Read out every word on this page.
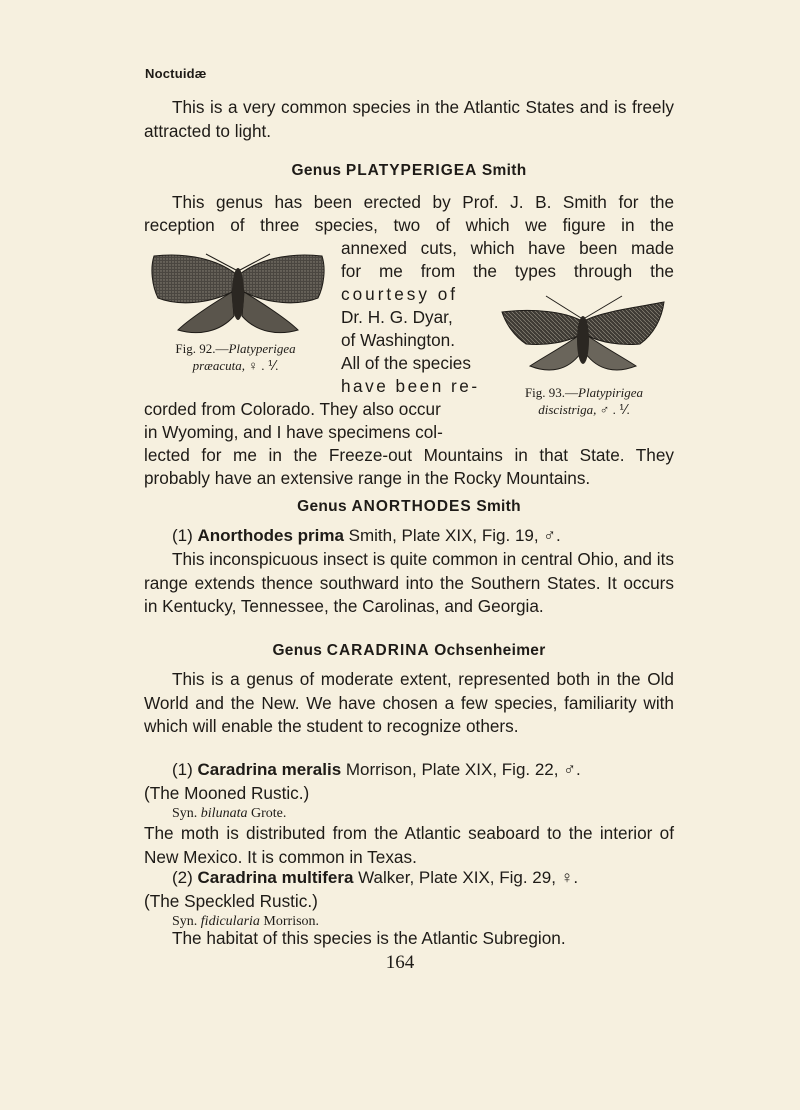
Noctuidæ

This is a very common species in the Atlantic States and is freely attracted to light.

Genus PLATYPERIGEA Smith
This genus has been erected by Prof. J. B. Smith for the
reception of three species, two of which we figure in the
annexed cuts, which have been made
for me from the types through the
courtesy of
Dr. H. G. Dyar,
of Washington.
All of the species
have been re-
corded from Colorado. They also occur
in Wyoming, and I have specimens col-
lected for me in the Freeze-out Mountains in that State. They
probably have an extensive range in the Rocky Mountains.
Fig. 92.—Platyperigea
præacuta, ♀ . ⅟.
Fig. 93.—Platypirigea
discistriga, ♂ . ⅟.
Genus ANORTHODES Smith
(1) Anorthodes prima Smith, Plate XIX, Fig. 19, ♂.

This inconspicuous insect is quite common in central Ohio, and its range extends thence southward into the Southern States. It occurs in Kentucky, Tennessee, the Carolinas, and Georgia.

Genus CARADRINA Ochsenheimer

This is a genus of moderate extent, represented both in the Old World and the New. We have chosen a few species, familiarity with which will enable the student to recognize others.

(1) Caradrina meralis Morrison, Plate XIX, Fig. 22, ♂.
(The Mooned Rustic.)
Syn. bilunata Grote.

The moth is distributed from the Atlantic seaboard to the interior of New Mexico. It is common in Texas.

(2) Caradrina multifera Walker, Plate XIX, Fig. 29, ♀.
(The Speckled Rustic.)
Syn. fidicularia Morrison.
The habitat of this species is the Atlantic Subregion.
164
